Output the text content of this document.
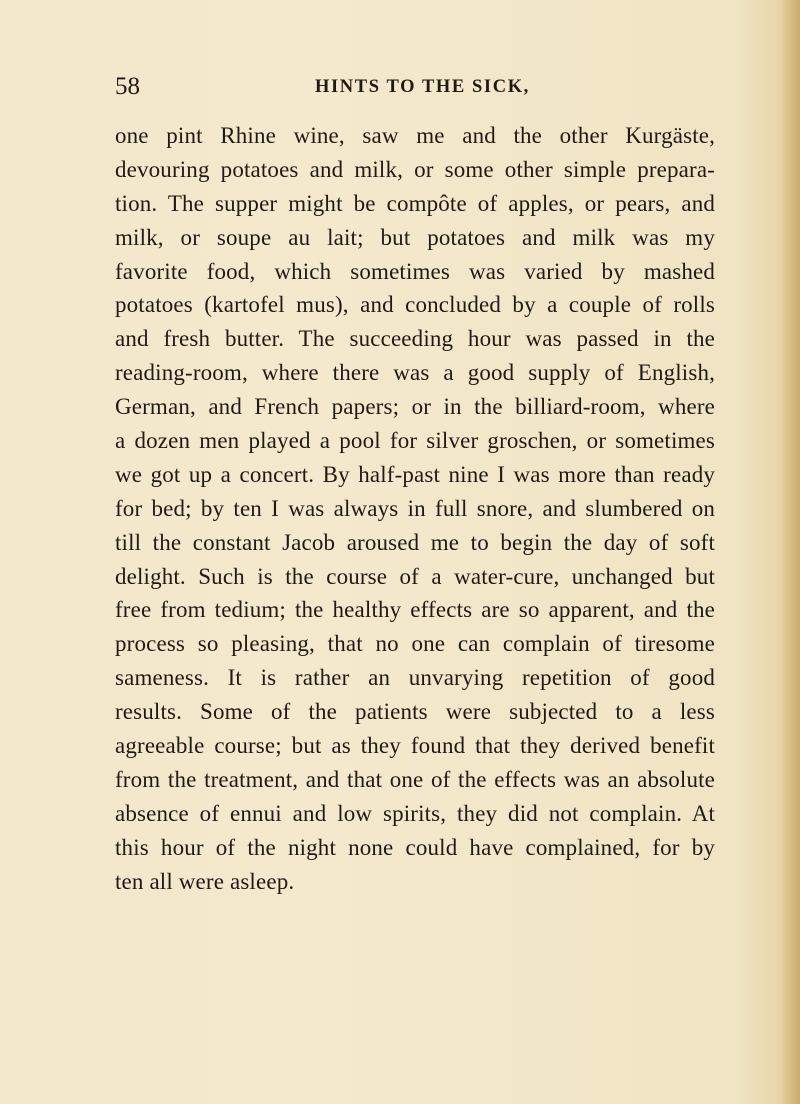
58	HINTS TO THE SICK,
one pint Rhine wine, saw me and the other Kurgäste,
devouring potatoes and milk, or some other simple prepara-
tion. The supper might be compôte of apples, or pears, and
milk, or soupe au lait; but potatoes and milk was my
favorite food, which sometimes was varied by mashed
potatoes (kartofel mus), and concluded by a couple of rolls
and fresh butter. The succeeding hour was passed in the
reading-room, where there was a good supply of English,
German, and French papers; or in the billiard-room, where
a dozen men played a pool for silver groschen, or sometimes
we got up a concert. By half-past nine I was more than ready
for bed; by ten I was always in full snore, and slumbered on
till the constant Jacob aroused me to begin the day of soft
delight. Such is the course of a water-cure, unchanged but
free from tedium; the healthy effects are so apparent, and the
process so pleasing, that no one can complain of tiresome
sameness. It is rather an unvarying repetition of good
results. Some of the patients were subjected to a less
agreeable course; but as they found that they derived benefit
from the treatment, and that one of the effects was an absolute
absence of ennui and low spirits, they did not complain. At
this hour of the night none could have complained, for by
ten all were asleep.
